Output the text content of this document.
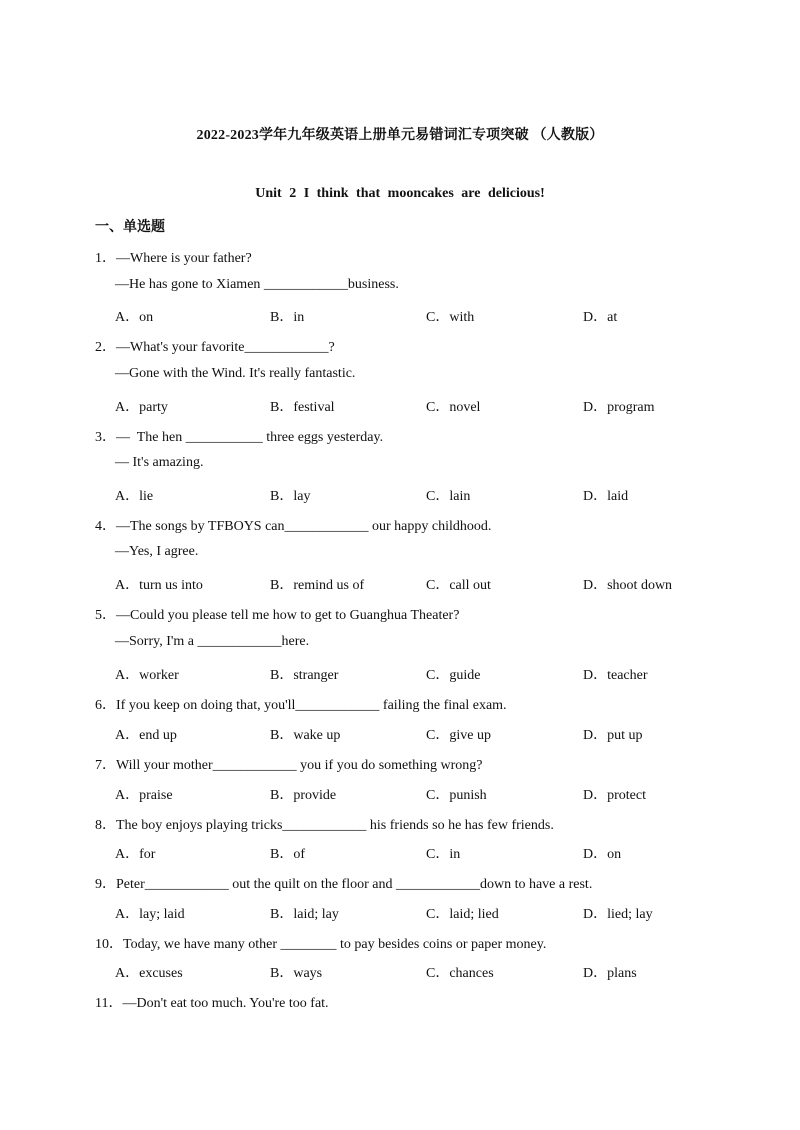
2022-2023学年九年级英语上册单元易错词汇专项突破 （人教版）
Unit 2 I think that mooncakes are delicious!
一、单选题
1．—Where is your father?
—He has gone to Xiamen ____________business.
A．on	B．in	C．with	D．at
2．—What's your favorite____________?
—Gone with the Wind. It's really fantastic.
A．party	B．festival	C．novel	D．program
3．—  The hen ___________ three eggs yesterday.
— It's amazing.
A．lie	B．lay	C．lain	D．laid
4．—The songs by TFBOYS can____________ our happy childhood.
—Yes, I agree.
A．turn us into	B．remind us of	C．call out	D．shoot down
5．—Could you please tell me how to get to Guanghua Theater?
—Sorry, I'm a ____________here.
A．worker	B．stranger	C．guide	D．teacher
6．If you keep on doing that, you'll____________ failing the final exam.
A．end up	B．wake up	C．give up	D．put up
7．Will your mother____________ you if you do something wrong?
A．praise	B．provide	C．punish	D．protect
8．The boy enjoys playing tricks____________ his friends so he has few friends.
A．for	B．of	C．in	D．on
9．Peter____________ out the quilt on the floor and ____________down to have a rest.
A．lay; laid	B．laid; lay	C．laid; lied	D．lied; lay
10．Today, we have many other ________ to pay besides coins or paper money.
A．excuses	B．ways	C．chances	D．plans
11．—Don't eat too much. You're too fat.
